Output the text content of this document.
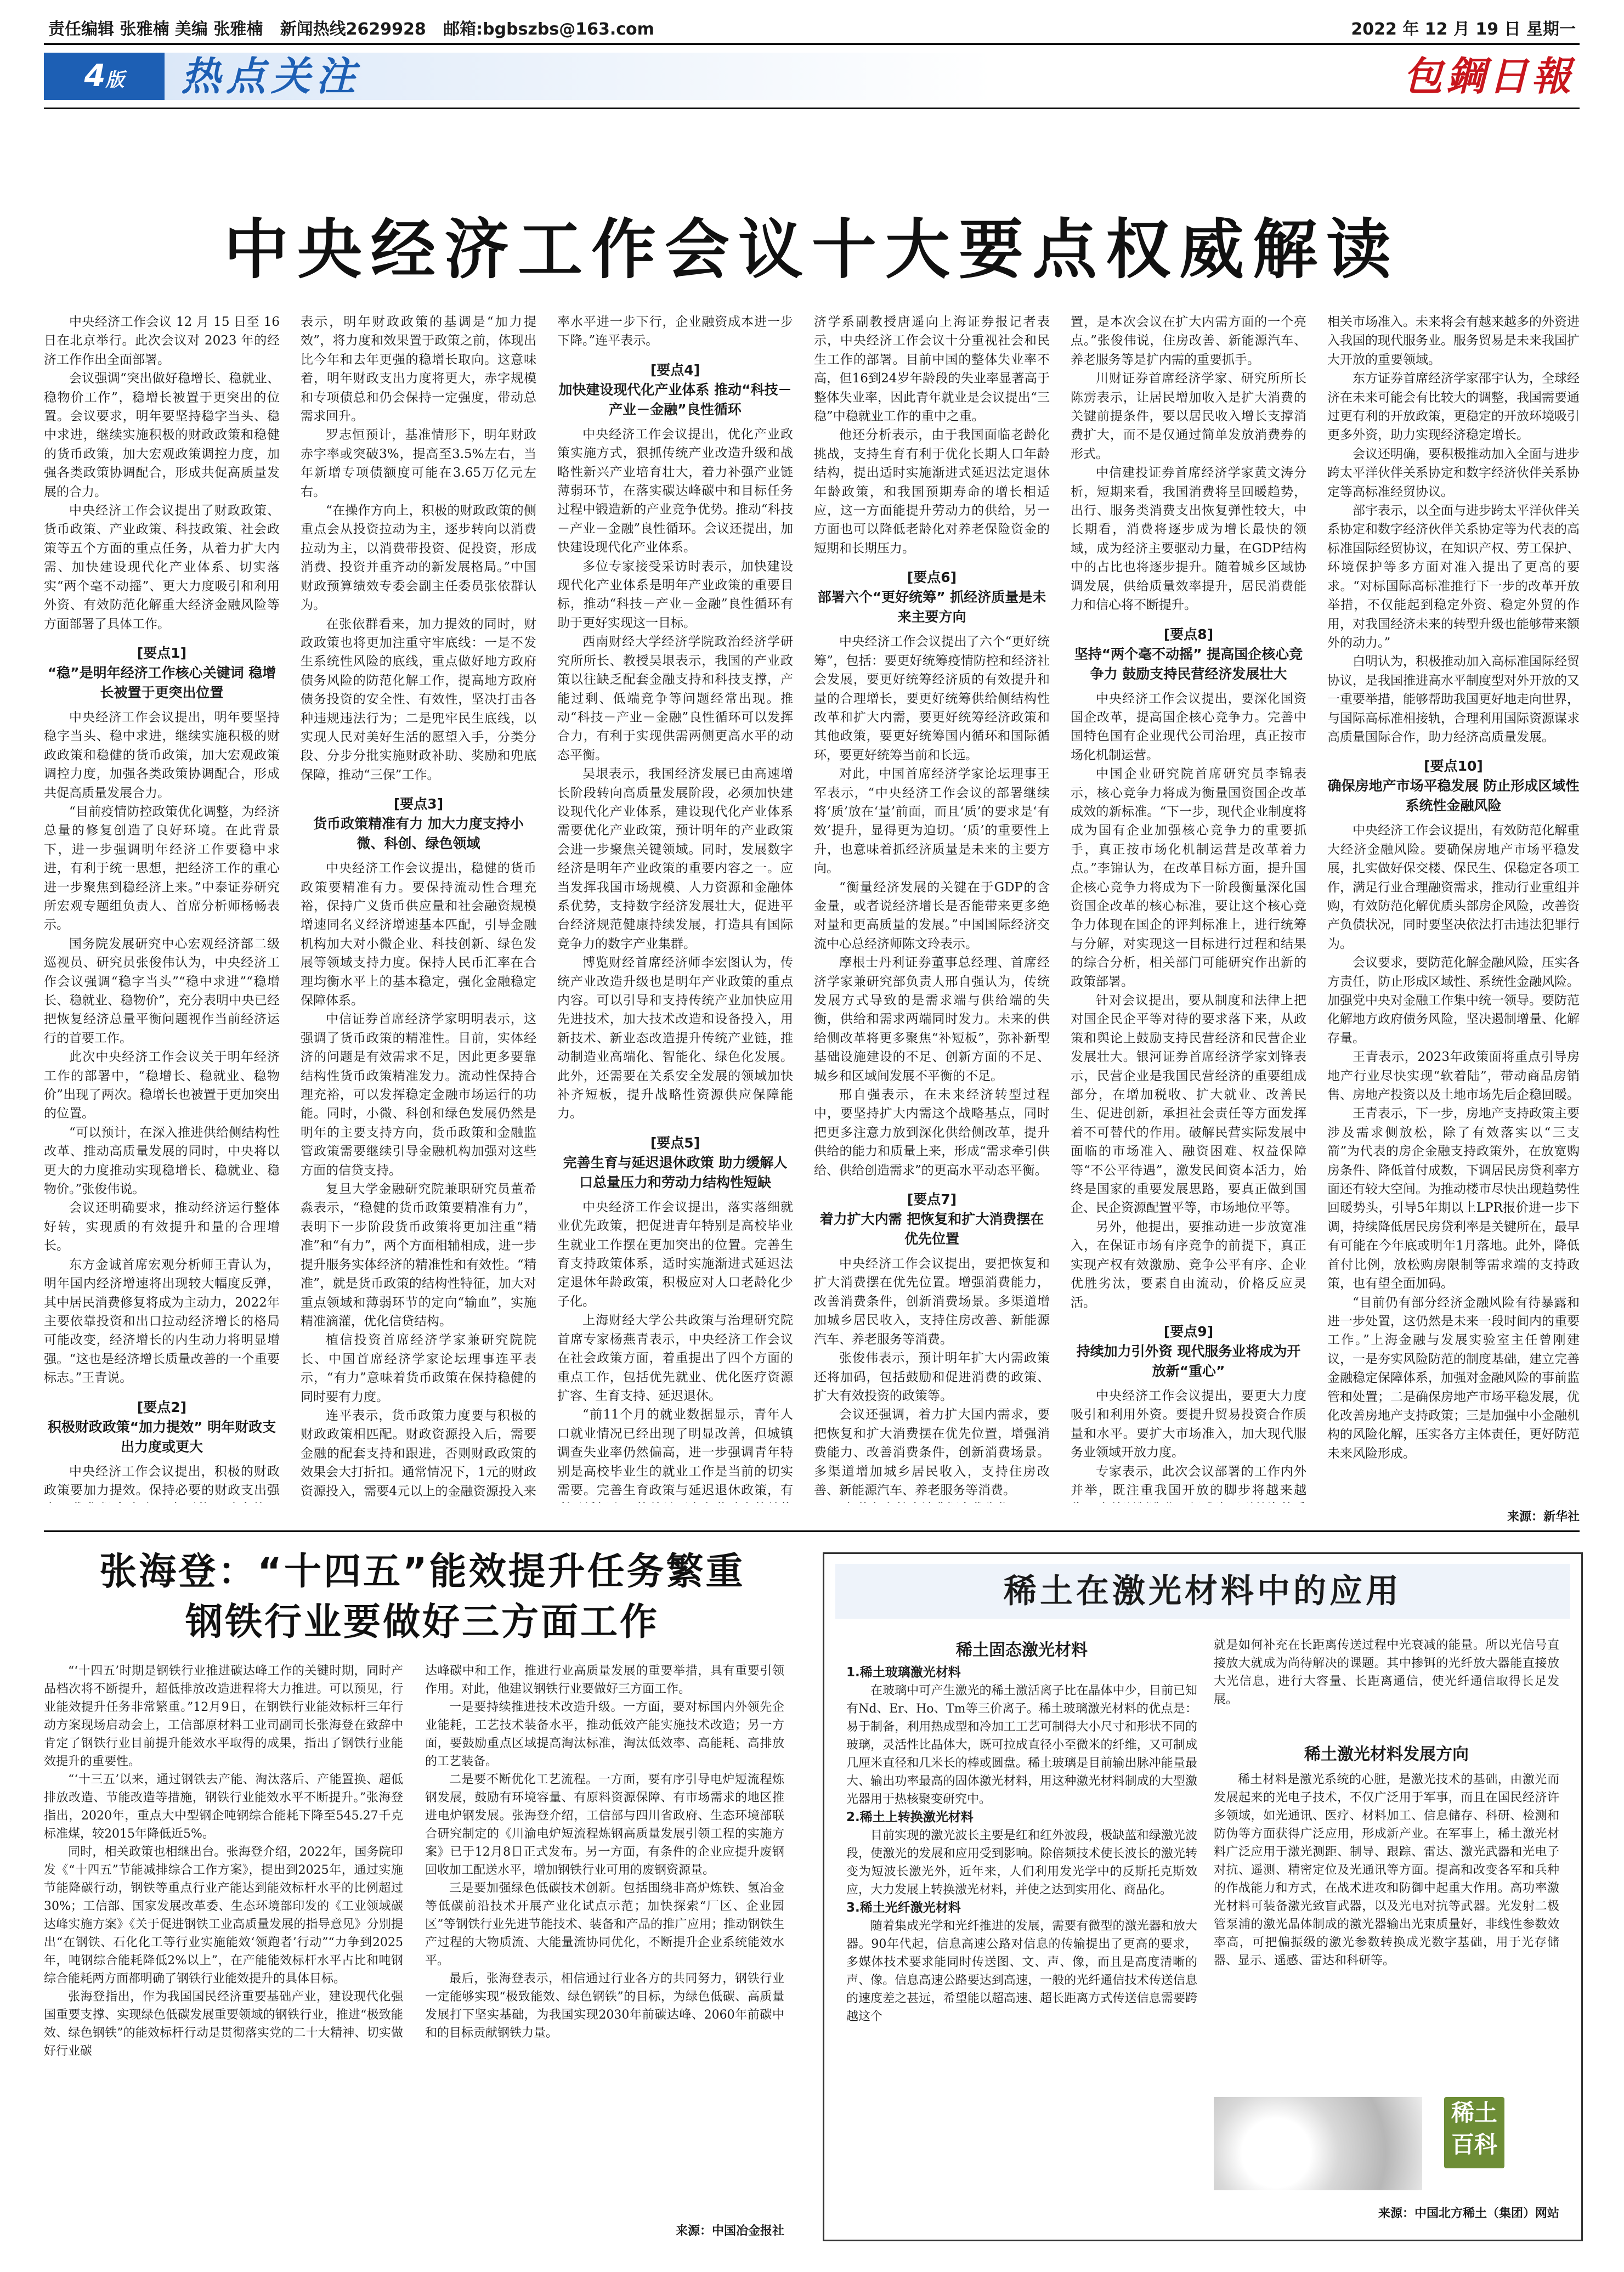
责任编辑 张雅楠 美编 张雅楠 新闻热线2629928 邮箱:bgbszbs@163.com	2022 年 12 月 19 日 星期一
4版	热点关注	包鋼日報
中央经济工作会议十大要点权威解读

中央经济工作会议 12 月 15 日至 16 日在北京举行。此次会议对 2023 年的经济工作作出全面部署。

会议强调“突出做好稳增长、稳就业、稳物价工作”，稳增长被置于更突出的位置。会议要求，明年要坚持稳字当头、稳中求进，继续实施积极的财政政策和稳健的货币政策，加大宏观政策调控力度，加强各类政策协调配合，形成共促高质量发展的合力。

中央经济工作会议提出了财政政策、货币政策、产业政策、科技政策、社会政策等五个方面的重点任务，从着力扩大内需、加快建设现代化产业体系、切实落实“两个毫不动摇”、更大力度吸引和利用外资、有效防范化解重大经济金融风险等方面部署了具体工作。

[要点1]
“稳”是明年经济工作核心关键词 稳增长被置于更突出位置

中央经济工作会议提出，明年要坚持稳字当头、稳中求进，继续实施积极的财政政策和稳健的货币政策，加大宏观政策调控力度，加强各类政策协调配合，形成共促高质量发展合力。

“目前疫情防控政策优化调整，为经济总量的修复创造了良好环境。在此背景下，进一步强调明年经济工作要稳中求进，有利于统一思想，把经济工作的重心进一步聚焦到稳经济上来。”中泰证券研究所宏观专题组负责人、首席分析师杨畅表示。

国务院发展研究中心宏观经济部二级巡视员、研究员张俊伟认为，中央经济工作会议强调“稳字当头”“稳中求进”“稳增长、稳就业、稳物价”，充分表明中央已经把恢复经济总量平衡问题视作当前经济运行的首要工作。

此次中央经济工作会议关于明年经济工作的部署中，“稳增长、稳就业、稳物价”出现了两次。稳增长也被置于更加突出的位置。

“可以预计，在深入推进供给侧结构性改革、推动高质量发展的同时，中央将以更大的力度推动实现稳增长、稳就业、稳物价。”张俊伟说。

会议还明确要求，推动经济运行整体好转，实现质的有效提升和量的合理增长。

东方金诚首席宏观分析师王青认为，明年国内经济增速将出现较大幅度反弹，其中居民消费修复将成为主动力，2022年主要依靠投资和出口拉动经济增长的格局可能改变，经济增长的内生动力将明显增强。“这也是经济增长质量改善的一个重要标志。”王青说。

[要点2]
积极财政政策“加力提效” 明年财政支出力度或更大

中央经济工作会议提出，积极的财政政策要加力提效。保持必要的财政支出强

表示，明年财政政策的基调是“加力提效”，将力度和效果置于政策之前，体现出比今年和去年更强的稳增长取向。这意味着，明年财政支出力度将更大，赤字规模和专项债总和仍会保持一定强度，带动总需求回升。

罗志恒预计，基准情形下，明年财政赤字率或突破3%，提高至3.5%左右，当年新增专项债额度可能在3.65万亿元左右。

“在操作方向上，积极的财政政策的侧重点会从投资拉动为主，逐步转向以消费拉动为主，以消费带投资、促投资，形成消费、投资并重齐动的新发展格局。”中国财政预算绩效专委会副主任委员张依群认为。

在张依群看来，加力提效的同时，财政政策也将更加注重守牢底线：一是不发生系统性风险的底线，重点做好地方政府债务风险的防范化解工作，提高地方政府债务投资的安全性、有效性，坚决打击各种违规违法行为；二是兜牢民生底线，以实现人民对美好生活的愿望入手，分类分段、分步分批实施财政补助、奖励和兜底保障，推动“三保”工作。

[要点3]
货币政策精准有力 加大力度支持小微、科创、绿色领域

中央经济工作会议提出，稳健的货币政策要精准有力。要保持流动性合理充裕，保持广义货币供应量和社会融资规模增速同名义经济增速基本匹配，引导金融机构加大对小微企业、科技创新、绿色发展等领域支持力度。保持人民币汇率在合理均衡水平上的基本稳定，强化金融稳定保障体系。

中信证券首席经济学家明明表示，这强调了货币政策的精准性。目前，实体经济的问题是有效需求不足，因此更多要靠结构性货币政策精准发力。流动性保持合理充裕，可以发挥稳定金融市场运行的功能。同时，小微、科创和绿色发展仍然是明年的主要支持方向，货币政策和金融监管政策需要继续引导金融机构加强对这些方面的信贷支持。

复旦大学金融研究院兼职研究员董希淼表示，“稳健的货币政策要精准有力”，表明下一步阶段货币政策将更加注重“精准”和“有力”，两个方面相辅相成，进一步提升服务实体经济的精准性和有效性。“精准”，就是货币政策的结构性特征，加大对重点领域和薄弱环节的定向“输血”，实施精准滴灌，优化信贷结构。

植信投资首席经济学家兼研究院院长、中国首席经济学家论坛理事连平表示，“有力”意味着货币政策在保持稳健的同时要有力度。

连平表示，货币政策力度要与积极的财政政策相匹配。财政资源投入后，需要金融的配套支持和跟进，否则财政政策的效果会大打折扣。通常情况下，1元的财政资源投入，需要4元以上的金融资源投入来

率水平进一步下行，企业融资成本进一步下降。”连平表示。

[要点4]
加快建设现代化产业体系 推动“科技－产业－金融”良性循环

中央经济工作会议提出，优化产业政策实施方式，狠抓传统产业改造升级和战略性新兴产业培育壮大，着力补强产业链薄弱环节，在落实碳达峰碳中和目标任务过程中锻造新的产业竞争优势。推动“科技－产业－金融”良性循环。会议还提出，加快建设现代化产业体系。

多位专家接受采访时表示，加快建设现代化产业体系是明年产业政策的重要目标，推动“科技－产业－金融”良性循环有助于更好实现这一目标。

西南财经大学经济学院政治经济学研究所所长、教授吴垠表示，我国的产业政策以往缺乏配套金融支持和科技支撑，产能过剩、低端竞争等问题经常出现。推动“科技－产业－金融”良性循环可以发挥合力，有利于实现供需两侧更高水平的动态平衡。

吴垠表示，我国经济发展已由高速增长阶段转向高质量发展阶段，必须加快建设现代化产业体系，建设现代化产业体系需要优化产业政策，预计明年的产业政策会进一步聚焦关键领域。同时，发展数字经济是明年产业政策的重要内容之一。应当发挥我国市场规模、人力资源和金融体系优势，支持数字经济发展壮大，促进平台经济规范健康持续发展，打造具有国际竞争力的数字产业集群。

博览财经首席经济师李宏图认为，传统产业改造升级也是明年产业政策的重点内容。可以引导和支持传统产业加快应用先进技术，加大技术改造和设备投入，用新技术、新业态改造提升传统产业链，推动制造业高端化、智能化、绿色化发展。此外，还需要在关系安全发展的领域加快补齐短板，提升战略性资源供应保障能力。

[要点5]
完善生育与延迟退休政策 助力缓解人口总量压力和劳动力结构性短缺

中央经济工作会议提出，落实落细就业优先政策，把促进青年特别是高校毕业生就业工作摆在更加突出的位置。完善生育支持政策体系，适时实施渐进式延迟法定退休年龄政策，积极应对人口老龄化少子化。

上海财经大学公共政策与治理研究院首席专家杨燕青表示，中央经济工作会议在社会政策方面，着重提出了四个方面的重点工作，包括优先就业、优化医疗资源扩容、生育支持、延迟退休。

“前11个月的就业数据显示，青年人口就业情况已经出现了明显改善，但城镇调查失业率仍然偏高，进一步强调青年特别是高校毕业生的就业工作是当前的切实需要。完善生育政策与延迟退休政策，有

济学系副教授唐遥向上海证券报记者表示，中央经济工作会议十分重视社会和民生工作的部署。目前中国的整体失业率不高，但16到24岁年龄段的失业率显著高于整体失业率，因此青年就业是会议提出“三稳”中稳就业工作的重中之重。

他还分析表示，由于我国面临老龄化挑战，支持生育有利于优化长期人口年龄结构，提出适时实施渐进式延迟法定退休年龄政策，和我国预期寿命的增长相适应，这一方面能提升劳动力的供给，另一方面也可以降低老龄化对养老保险资金的短期和长期压力。

[要点6]
部署六个“更好统筹” 抓经济质量是未来主要方向

中央经济工作会议提出了六个“更好统筹”，包括：要更好统筹疫情防控和经济社会发展，要更好统筹经济质的有效提升和量的合理增长，要更好统筹供给侧结构性改革和扩大内需，要更好统筹经济政策和其他政策，要更好统筹国内循环和国际循环，要更好统筹当前和长远。

对此，中国首席经济学家论坛理事王军表示，“中央经济工作会议的部署继续将‘质’放在‘量’前面，而且‘质’的要求是‘有效’提升，显得更为迫切。‘质’的重要性上升，也意味着抓经济质量是未来的主要方向。

“衡量经济发展的关键在于GDP的含金量，或者说经济增长是否能带来更多绝对量和更高质量的发展。”中国国际经济交流中心总经济师陈文玲表示。

摩根士丹利证券董事总经理、首席经济学家兼研究部负责人邢自强认为，传统发展方式导致的是需求端与供给端的失衡，供给和需求两端同时发力。未来的供给侧改革将更多聚焦“补短板”，弥补新型基础设施建设的不足、创新方面的不足、城乡和区域间发展不平衡的不足。

邢自强表示，在未来经济转型过程中，要坚持扩大内需这个战略基点，同时把更多注意力放到深化供给侧改革，提升供给的能力和质量上来，形成“需求牵引供给、供给创造需求”的更高水平动态平衡。

[要点7]
着力扩大内需 把恢复和扩大消费摆在优先位置

中央经济工作会议提出，要把恢复和扩大消费摆在优先位置。增强消费能力，改善消费条件，创新消费场景。多渠道增加城乡居民收入，支持住房改善、新能源汽车、养老服务等消费。

张俊伟表示，预计明年扩大内需政策还将加码，包括鼓励和促进消费的政策、扩大有效投资的政策等。

会议还强调，着力扩大国内需求，要把恢复和扩大消费摆在优先位置，增强消费能力、改善消费条件，创新消费场景。多渠道增加城乡居民收入，支持住房改善、新能源汽车、养老服务等消费。

置，是本次会议在扩大内需方面的一个亮点。”张俊伟说，住房改善、新能源汽车、养老服务等是扩内需的重要抓手。

川财证券首席经济学家、研究所所长陈雳表示，让居民增加收入是扩大消费的关键前提条件，要以居民收入增长支撑消费扩大，而不是仅通过简单发放消费券的形式。

中信建投证券首席经济学家黄文涛分析，短期来看，我国消费将呈回暖趋势，出行、服务类消费支出恢复弹性较大，中长期看，消费将逐步成为增长最快的领域，成为经济主要驱动力量，在GDP结构中的占比也将逐步提升。随着城乡区域协调发展，供给质量效率提升，居民消费能力和信心将不断提升。

[要点8]
坚持“两个毫不动摇” 提高国企核心竞争力 鼓励支持民营经济发展壮大

中央经济工作会议提出，要深化国资国企改革，提高国企核心竞争力。完善中国特色国有企业现代公司治理，真正按市场化机制运营。

中国企业研究院首席研究员李锦表示，核心竞争力将成为衡量国资国企改革成效的新标准。“下一步，现代企业制度将成为国有企业加强核心竞争力的重要抓手，真正按市场化机制运营是改革着力点。”李锦认为，在改革目标方面，提升国企核心竞争力将成为下一阶段衡量深化国资国企改革的核心标准，要让这个核心竞争力体现在国企的评判标准上，进行统筹与分解，对实现这一目标进行过程和结果的综合分析，相关部门可能研究作出新的政策部署。

针对会议提出，要从制度和法律上把对国企民企平等对待的要求落下来，从政策和舆论上鼓励支持民营经济和民营企业发展壮大。银河证券首席经济学家刘锋表示，民营企业是我国民营经济的重要组成部分，在增加税收、扩大就业、改善民生、促进创新，承担社会责任等方面发挥着不可替代的作用。破解民营实际发展中面临的市场准入、融资困难、权益保障等“不公平待遇”，激发民间资本活力，始终是国家的重要发展思路，要真正做到国企、民企资源配置平等，市场地位平等。

另外，他提出，要推动进一步放宽准入，在保证市场有序竞争的前提下，真正实现产权有效激励、竞争公平有序、企业优胜劣汰，要素自由流动，价格反应灵活。

[要点9]
持续加力引外资 现代服务业将成为开放新“重心”

中央经济工作会议提出，要更大力度吸引和利用外资。要提升贸易投资合作质量和水平。要扩大市场准入，加大现代服务业领域开放力度。

专家表示，此次会议部署的工作内外并举，既注重我国开放的脚步将越来越

相关市场准入。未来将会有越来越多的外资进入我国的现代服务业。服务贸易是未来我国扩大开放的重要领域。

东方证券首席经济学家邵宇认为，全球经济在未来可能会有比较大的调整，我国需要通过更有利的开放政策，更稳定的开放环境吸引更多外资，助力实现经济稳定增长。

会议还明确，要积极推动加入全面与进步跨太平洋伙伴关系协定和数字经济伙伴关系协定等高标准经贸协议。

部宇表示，以全面与进步跨太平洋伙伴关系协定和数字经济伙伴关系协定等为代表的高标准国际经贸协议，在知识产权、劳工保护、环境保护等多方面对准入提出了更高的要求。“对标国际高标准推行下一步的改革开放举措，不仅能起到稳定外资、稳定外贸的作用，对我国经济未来的转型升级也能够带来额外的动力。”

白明认为，积极推动加入高标准国际经贸协议，是我国推进高水平制度型对外开放的又一重要举措，能够帮助我国更好地走向世界，与国际高标准相接轨，合理利用国际资源谋求高质量国际合作，助力经济高质量发展。

[要点10]
确保房地产市场平稳发展 防止形成区域性系统性金融风险

中央经济工作会议提出，有效防范化解重大经济金融风险。要确保房地产市场平稳发展，扎实做好保交楼、保民生、保稳定各项工作，满足行业合理融资需求，推动行业重组并购，有效防范化解优质头部房企风险，改善资产负债状况，同时要坚决依法打击违法犯罪行为。

会议要求，要防范化解金融风险，压实各方责任，防止形成区域性、系统性金融风险。加强党中央对金融工作集中统一领导。要防范化解地方政府债务风险，坚决遏制增量、化解存量。

王青表示，2023年政策面将重点引导房地产行业尽快实现“软着陆”，带动商品房销售、房地产投资以及土地市场先后企稳回暖。

王青表示，下一步，房地产支持政策主要涉及需求侧放松，除了有效落实以“三支箭”为代表的房企金融支持政策外，在放宽购房条件、降低首付成数，下调居民房贷利率方面还有较大空间。为推动楼市尽快出现趋势性回暖势头，引导5年期以上LPR报价进一步下调，持续降低居民房贷利率是关键所在，最早有可能在今年底或明年1月落地。此外，降低首付比例，放松购房限制等需求端的支持政策，也有望全面加码。

“目前仍有部分经济金融风险有待暴露和进一步处置，这仍然是未来一段时间内的重要工作。”上海金融与发展实验室主任曾刚建议，一是夯实风险防范的制度基础，建立完善金融稳定保障体系，加强对金融风险的事前监管和处置；二是确保房地产市场平稳发展，优化改善房地产支持政策；三是加强中小金融机构的风险化解，压实各方主体责任，更好防范未来风险形成。

来源：新华社
张海登：“十四五”能效提升任务繁重
钢铁行业要做好三方面工作

“‘十四五’时期是钢铁行业推进碳达峰工作的关键时期，同时产品档次将不断提升，超低排放改造进程将大力推进。可以预见，行业能效提升任务非常繁重。”12月9日，在钢铁行业能效标杆三年行动方案现场启动会上，工信部原材料工业司副司长张海登在致辞中肯定了钢铁行业目前提升能效水平取得的成果，指出了钢铁行业能效提升的重要性。

“‘十三五’以来，通过钢铁去产能、淘汰落后、产能置换、超低排放改造、节能改造等措施，钢铁行业能效水平不断提升。”张海登指出，2020年，重点大中型钢企吨钢综合能耗下降至545.27千克标准煤，较2015年降低近5%。

同时，相关政策也相继出台。张海登介绍，2022年，国务院印发《“十四五”节能减排综合工作方案》，提出到2025年，通过实施节能降碳行动，钢铁等重点行业产能达到能效标杆水平的比例超过30%；工信部、国家发展改革委、生态环境部印发的《工业领域碳达峰实施方案》《关于促进钢铁工业高质量发展的指导意见》分别提出“在钢铁、石化化工等行业实施能效‘领跑者’行动”“力争到2025年，吨钢综合能耗降低2%以上”，在产能能效标杆水平占比和吨钢综合能耗两方面都明确了钢铁行业能效提升的具体目标。

张海登指出，作为我国国民经济重要基础产业，建设现代化强国重要支撑、实现绿色低碳发展重要领域的钢铁行业，推进“极致能效、绿色钢铁”的能效标杆行动是贯彻落实党的二十大精神、切实做好行业碳

达峰碳中和工作，推进行业高质量发展的重要举措，具有重要引领作用。对此，他建议钢铁行业要做好三方面工作。

一是要持续推进技术改造升级。一方面，要对标国内外领先企业能耗，工艺技术装备水平，推动低效产能实施技术改造；另一方面，要鼓励重点区域提高淘汰标准，淘汰低效率、高能耗、高排放的工艺装备。

二是要不断优化工艺流程。一方面，要有序引导电炉短流程炼钢发展，鼓励有环境容量、有原料资源保障、有市场需求的地区推进电炉钢发展。张海登介绍，工信部与四川省政府、生态环境部联合研究制定的《川渝电炉短流程炼钢高质量发展引领工程的实施方案》已于12月8日正式发布。另一方面，有条件的企业应提升废钢回收加工配送水平，增加钢铁行业可用的废钢资源量。

三是要加强绿色低碳技术创新。包括围绕非高炉炼铁、氢冶金等低碳前沿技术开展产业化试点示范；加快探索“厂区、企业园区”等钢铁行业先进节能技术、装备和产品的推广应用；推动钢铁生产过程的大物质流、大能量流协同优化，不断提升企业系统能效水平。

最后，张海登表示，相信通过行业各方的共同努力，钢铁行业一定能够实现“极致能效、绿色钢铁”的目标，为绿色低碳、高质量发展打下坚实基础，为我国实现2030年前碳达峰、2060年前碳中和的目标贡献钢铁力量。

来源：中国冶金报社
稀土在激光材料中的应用
稀土固态激光材料

1.稀土玻璃激光材料

在玻璃中可产生激光的稀土激活离子比在晶体中少，目前已知有Nd、Er、Ho、Tm等三价离子。稀土玻璃激光材料的优点是：易于制备，利用热成型和冷加工工艺可制得大小尺寸和形状不同的玻璃，灵活性比晶体大，既可拉成直径小至微米的纤维，又可制成几厘米直径和几米长的棒或圆盘。稀土玻璃是目前输出脉冲能量最大、输出功率最高的固体激光材料，用这种激光材料制成的大型激光器用于热核聚变研究中。

2.稀土上转换激光材料

目前实现的激光波长主要是红和红外波段，极缺蓝和绿激光波段，使激光的发展和应用受到影响。除倍频技术使长波长的激光转变为短波长激光外，近年来，人们利用发光学中的反斯托克斯效应，大力发展上转换激光材料，并使之达到实用化、商品化。

3.稀土光纤激光材料

随着集成光学和光纤推进的发展，需要有微型的激光器和放大器。90年代起，信息高速公路对信息的传输提出了更高的要求，多媒体技术要求能同时传送图、文、声、像，而且是高度清晰的声、像。信息高速公路要达到高速，一般的光纤通信技术传送信息的速度差之甚远，希望能以超高速、超长距离方式传送信息需要跨越这个

就是如何补充在长距离传送过程中光衰减的能量。所以光信号直接放大就成为尚待解决的课题。其中掺铒的光纤放大器能直接放大光信息，进行大容量、长距离通信，使光纤通信取得长足发展。

稀土激光材料发展方向

稀土材料是激光系统的心脏，是激光技术的基础，由激光而发展起来的光电子技术，不仅广泛用于军事，而且在国民经济许多领域，如光通讯、医疗、材料加工、信息储存、科研、检测和防伪等方面获得广泛应用，形成新产业。在军事上，稀土激光材料广泛应用于激光测距、制导、跟踪、雷达、激光武器和光电子对抗、遥测、精密定位及光通讯等方面。提高和改变各军和兵种的作战能力和方式，在战术进攻和防御中起重大作用。高功率激光材料可装备激光致盲武器，以及光电对抗等武器。光发射二极管泵浦的激光晶体制成的激光器输出光束质量好，非线性参数效率高，可把偏振级的激光参数转换成光数字基础，用于光存储器、显示、遥感、雷达和科研等。

稀土
百科
来源：中国北方稀土（集团）网站
